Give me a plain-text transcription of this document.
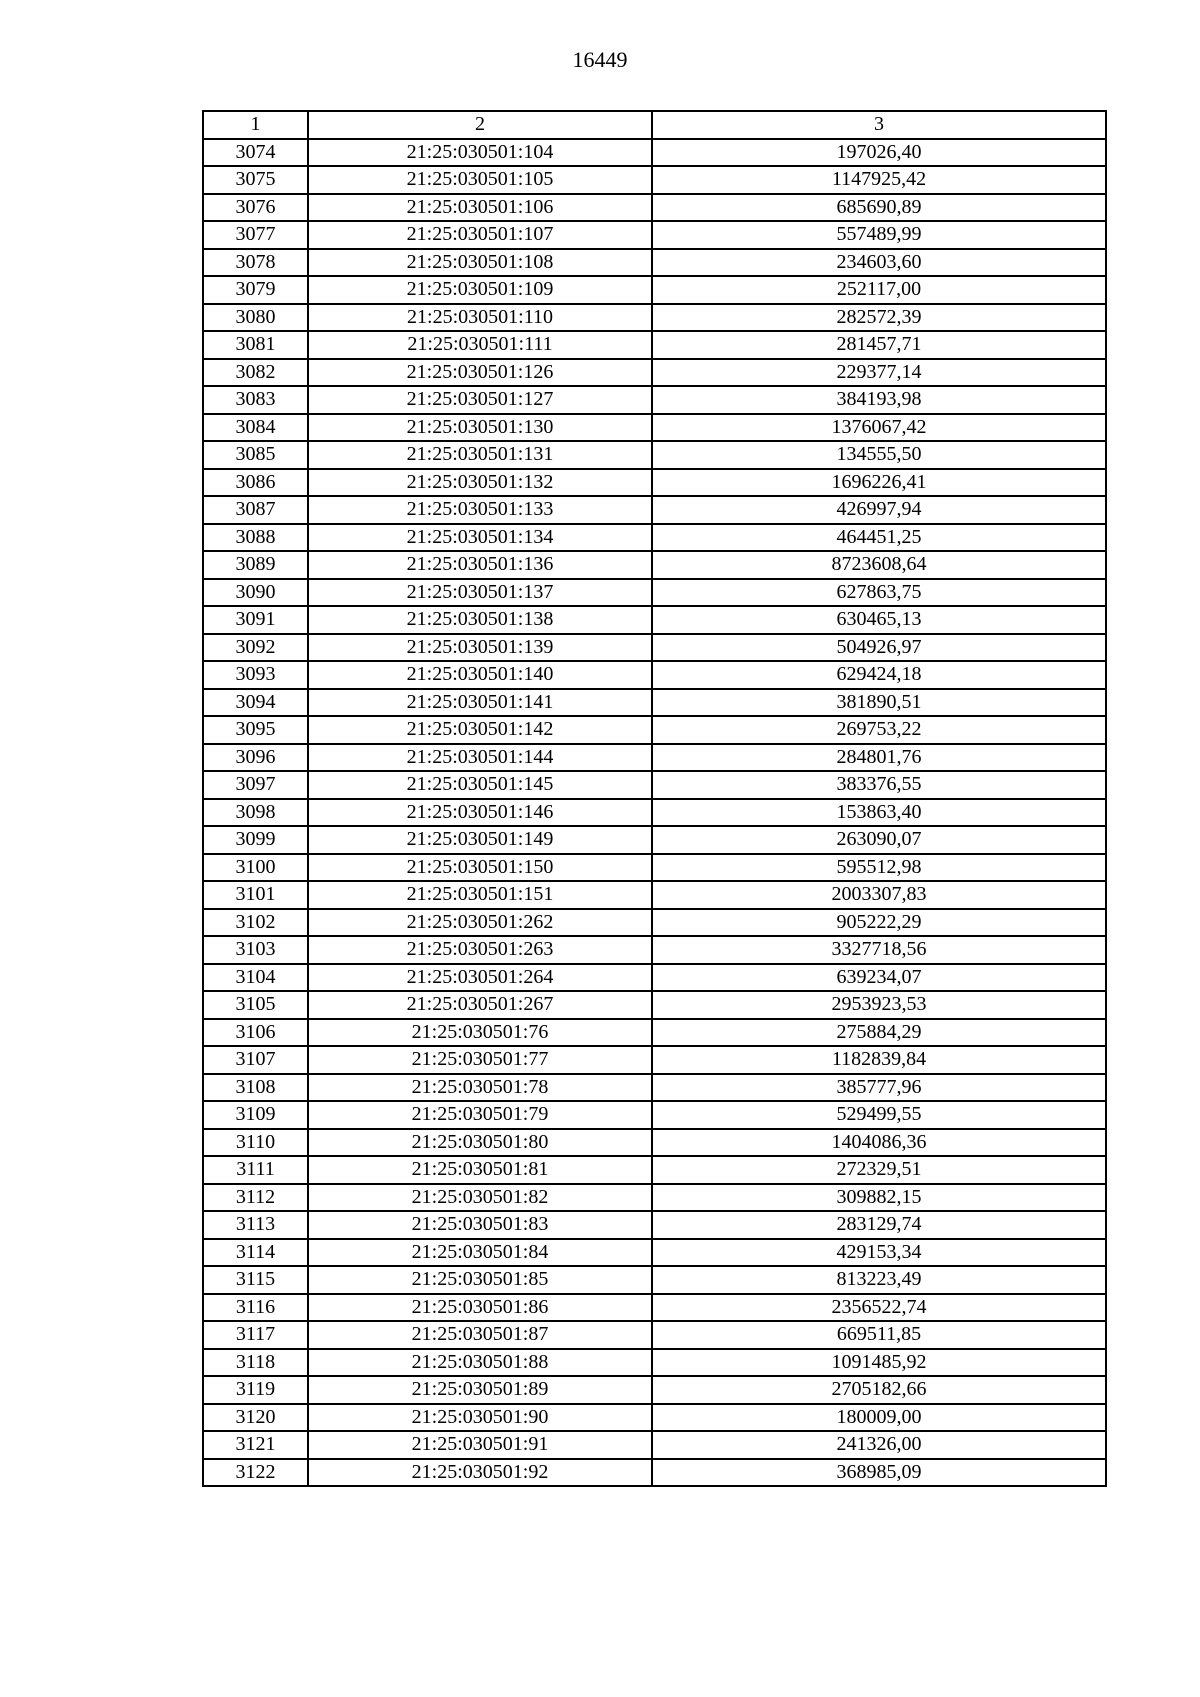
16449
1	2	3
3074	21:25:030501:104	197026,40
3075	21:25:030501:105	1147925,42
3076	21:25:030501:106	685690,89
3077	21:25:030501:107	557489,99
3078	21:25:030501:108	234603,60
3079	21:25:030501:109	252117,00
3080	21:25:030501:110	282572,39
3081	21:25:030501:111	281457,71
3082	21:25:030501:126	229377,14
3083	21:25:030501:127	384193,98
3084	21:25:030501:130	1376067,42
3085	21:25:030501:131	134555,50
3086	21:25:030501:132	1696226,41
3087	21:25:030501:133	426997,94
3088	21:25:030501:134	464451,25
3089	21:25:030501:136	8723608,64
3090	21:25:030501:137	627863,75
3091	21:25:030501:138	630465,13
3092	21:25:030501:139	504926,97
3093	21:25:030501:140	629424,18
3094	21:25:030501:141	381890,51
3095	21:25:030501:142	269753,22
3096	21:25:030501:144	284801,76
3097	21:25:030501:145	383376,55
3098	21:25:030501:146	153863,40
3099	21:25:030501:149	263090,07
3100	21:25:030501:150	595512,98
3101	21:25:030501:151	2003307,83
3102	21:25:030501:262	905222,29
3103	21:25:030501:263	3327718,56
3104	21:25:030501:264	639234,07
3105	21:25:030501:267	2953923,53
3106	21:25:030501:76	275884,29
3107	21:25:030501:77	1182839,84
3108	21:25:030501:78	385777,96
3109	21:25:030501:79	529499,55
3110	21:25:030501:80	1404086,36
3111	21:25:030501:81	272329,51
3112	21:25:030501:82	309882,15
3113	21:25:030501:83	283129,74
3114	21:25:030501:84	429153,34
3115	21:25:030501:85	813223,49
3116	21:25:030501:86	2356522,74
3117	21:25:030501:87	669511,85
3118	21:25:030501:88	1091485,92
3119	21:25:030501:89	2705182,66
3120	21:25:030501:90	180009,00
3121	21:25:030501:91	241326,00
3122	21:25:030501:92	368985,09
